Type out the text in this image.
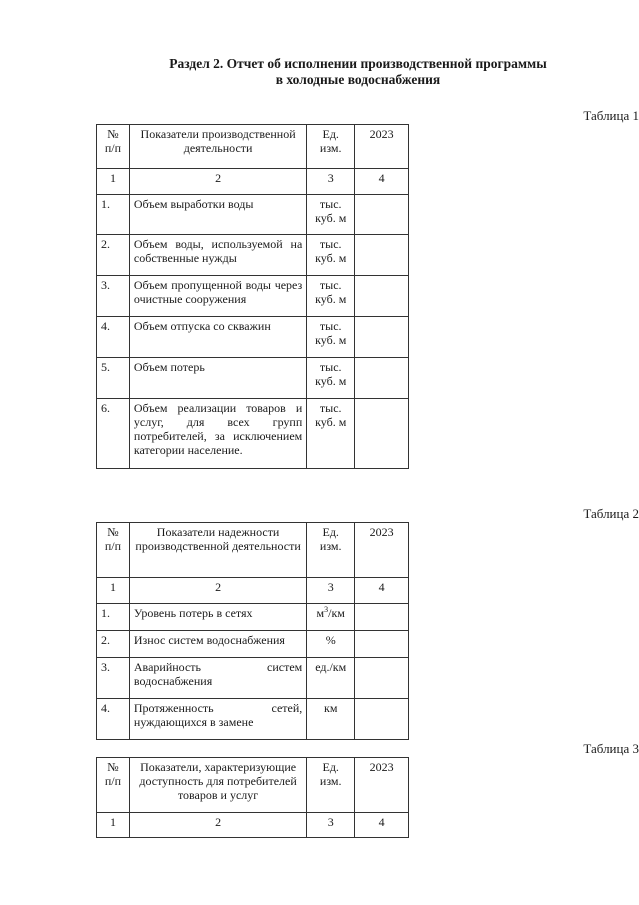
Раздел 2. Отчет об исполнении производственной программы
в холодные водоснабжения
Таблица 1
№ п/п	Показатели производственной деятельности	Ед. изм.	2023
1	2	3	4
1.	Объем выработки воды	тыс. куб. м	
2.	Объем воды, используемой на собственные нужды	тыс. куб. м	
3.	Объем пропущенной воды через очистные сооружения	тыс. куб. м	
4.	Объем отпуска со скважин	тыс. куб. м	
5.	Объем потерь	тыс. куб. м	
6.	Объем реализации товаров и услуг, для всех групп потребителей, за исключением категории население.	тыс. куб. м	
Таблица 2
№ п/п	Показатели надежности производственной деятельности	Ед. изм.	2023
1	2	3	4
1.	Уровень потерь в сетях	$м^3/км$	
2.	Износ систем водоснабжения	%	
3.	Аварийность систем водоснабжения	ед./км	
4.	Протяженность сетей, нуждающихся в замене	км	
Таблица 3
№ п/п	Показатели, характеризующие доступность для потребителей товаров и услуг	Ед. изм.	2023
1	2	3	4
